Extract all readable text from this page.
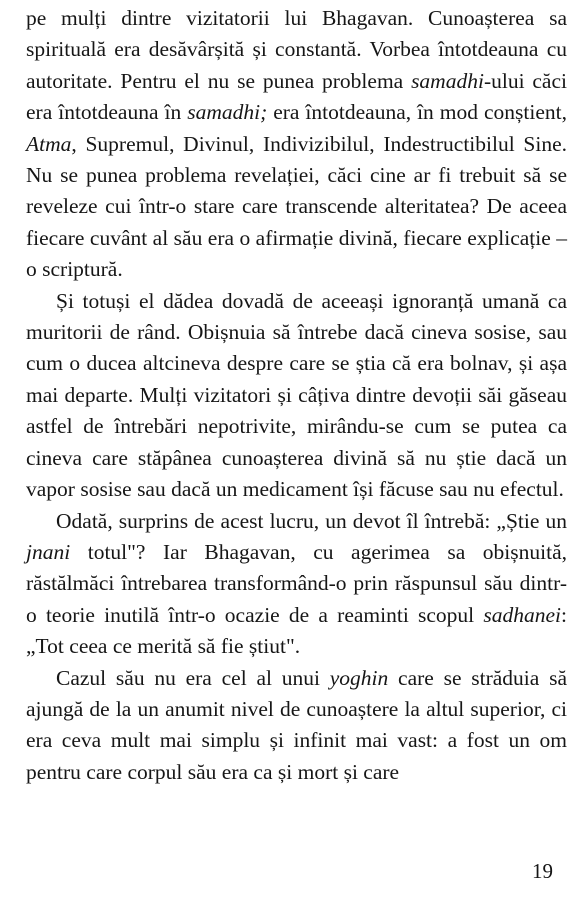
pe mulți dintre vizitatorii lui Bhagavan. Cunoașterea sa spirituală era desăvârșită și constantă. Vorbea întotdeauna cu autoritate. Pentru el nu se punea problema samadhi-ului căci era întotdeauna în samadhi; era întotdeauna, în mod conștient, Atma, Supremul, Divinul, Indivizibilul, Indestructibilul Sine. Nu se punea problema revelației, căci cine ar fi trebuit să se reveleze cui într-o stare care transcende alteritatea? De aceea fiecare cuvânt al său era o afirmație divină, fiecare explicație – o scriptură.

Și totuși el dădea dovadă de aceeași ignoranță umană ca muritorii de rând. Obișnuia să întrebe dacă cineva sosise, sau cum o ducea altcineva despre care se știa că era bolnav, și așa mai departe. Mulți vizitatori și câțiva dintre devoții săi găseau astfel de întrebări nepotrivite, mirându-se cum se putea ca cineva care stăpânea cunoașterea divină să nu știe dacă un vapor sosise sau dacă un medicament își făcuse sau nu efectul.

Odată, surprins de acest lucru, un devot îl întrebă: „Știe un jnani totul"? Iar Bhagavan, cu agerimea sa obișnuită, răstălmăci întrebarea transformând-o prin răspunsul său dintr-o teorie inutilă într-o ocazie de a reaminti scopul sadhanei: „Tot ceea ce merită să fie știut".

Cazul său nu era cel al unui yoghin care se străduia să ajungă de la un anumit nivel de cunoaștere la altul superior, ci era ceva mult mai simplu și infinit mai vast: a fost un om pentru care corpul său era ca și mort și care

19
